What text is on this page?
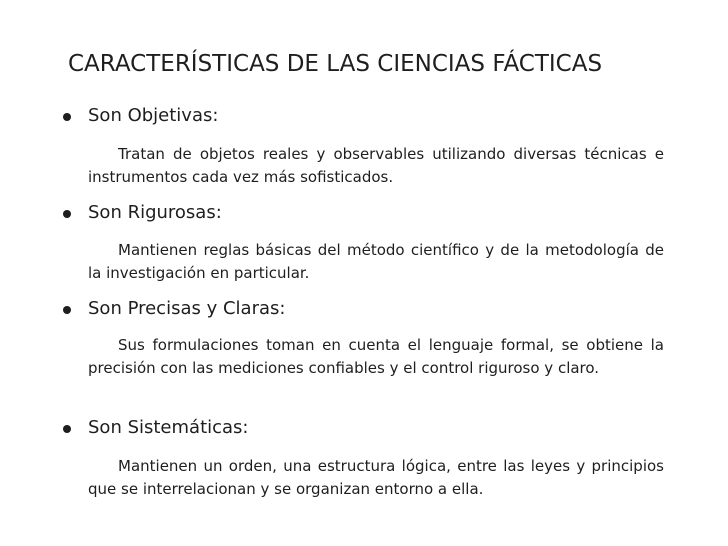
CARACTERÍSTICAS DE LAS CIENCIAS FÁCTICAS
Son Objetivas:

Tratan de objetos reales y observables utilizando diversas técnicas e instrumentos cada vez más sofisticados.

Son Rigurosas:

Mantienen reglas básicas del método científico y de la metodología de la investigación en particular.

Son Precisas y Claras:

Sus formulaciones toman en cuenta el lenguaje formal, se obtiene la precisión con las mediciones confiables y el control riguroso y claro.

Son Sistemáticas:

Mantienen un orden, una estructura lógica, entre las leyes y principios que se interrelacionan y se organizan entorno a ella.
